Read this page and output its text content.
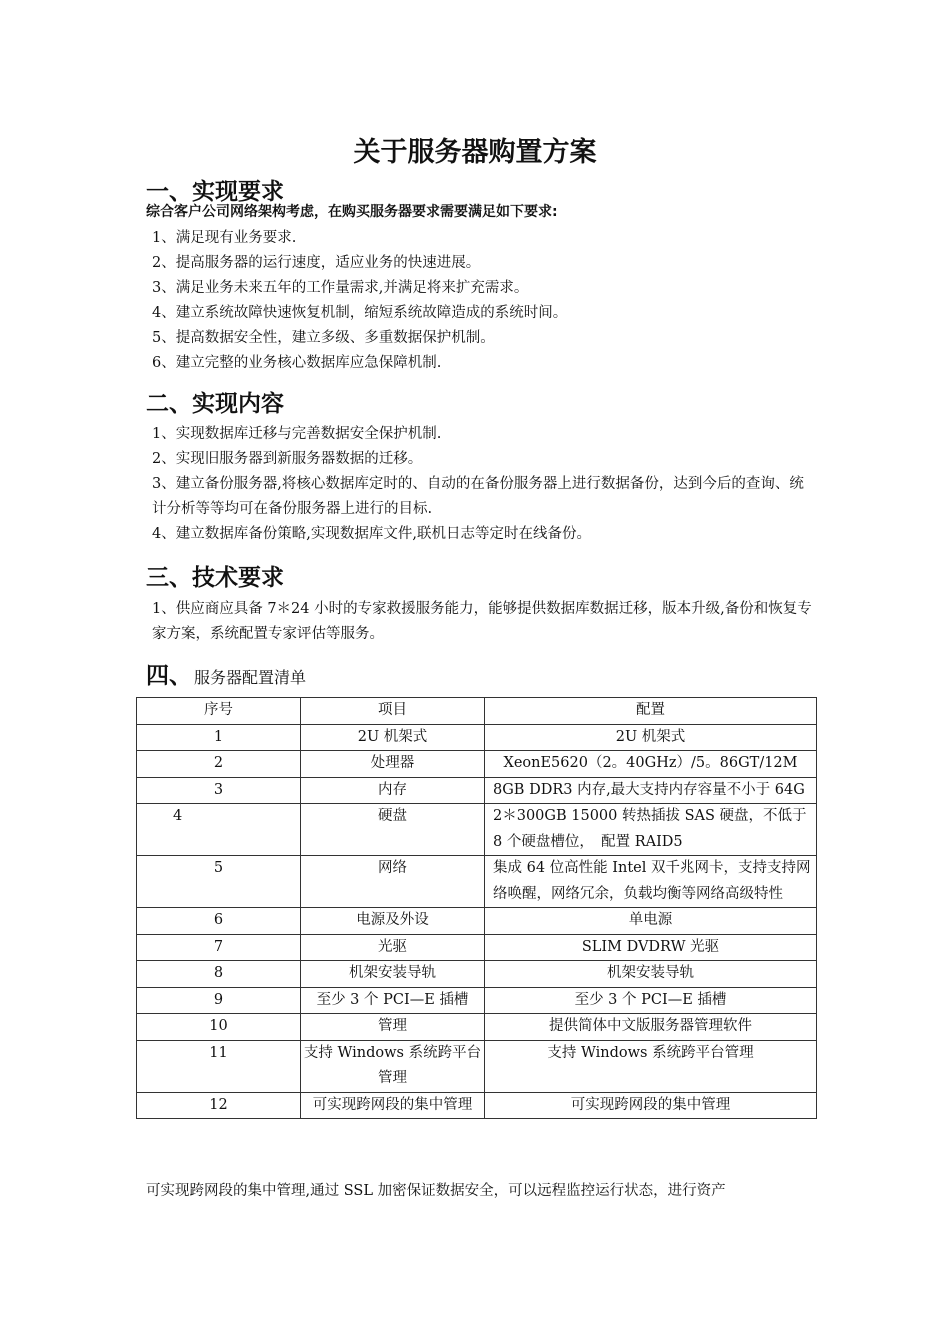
关于服务器购置方案
一、实现要求
综合客户公司网络架构考虑，在购买服务器要求需要满足如下要求:
1、满足现有业务要求.
2、提高服务器的运行速度，适应业务的快速进展。
3、满足业务未来五年的工作量需求,并满足将来扩充需求。
4、建立系统故障快速恢复机制，缩短系统故障造成的系统时间。
5、提高数据安全性，建立多级、多重数据保护机制。
6、建立完整的业务核心数据库应急保障机制.
二、实现内容
1、实现数据库迁移与完善数据安全保护机制.
2、实现旧服务器到新服务器数据的迁移。
3、建立备份服务器,将核心数据库定时的、自动的在备份服务器上进行数据备份，达到今后的查询、统计分析等等均可在备份服务器上进行的目标.
4、建立数据库备份策略,实现数据库文件,联机日志等定时在线备份。
三、技术要求
1、供应商应具备 7＊24 小时的专家救援服务能力，能够提供数据库数据迁移，版本升级,备份和恢复专家方案，系统配置专家评估等服务。
四、 服务器配置清单
序号	项目	配置
1	2U 机架式	2U 机架式
2	处理器	XeonE5620（2。40GHz）/5。86GT/12M
3	内存	8GB DDR3 内存,最大支持内存容量不小于 64G
4	硬盘	2＊300GB 15000 转热插拔 SAS 硬盘，不低于 8 个硬盘槽位，　配置 RAID5
5	网络	集成 64 位高性能 Intel 双千兆网卡，支持支持网络唤醒，网络冗余，负载均衡等网络高级特性
6	电源及外设	单电源
7	光驱	SLIM DVDRW 光驱
8	机架安装导轨	机架安装导轨
9	至少 3 个 PCI—E 插槽	至少 3 个 PCI—E 插槽
10	管理	提供简体中文版服务器管理软件
11	支持 Windows 系统跨平台管理	支持 Windows 系统跨平台管理
12	可实现跨网段的集中管理	可实现跨网段的集中管理
可实现跨网段的集中管理,通过 SSL 加密保证数据安全，可以远程监控运行状态，进行资产
